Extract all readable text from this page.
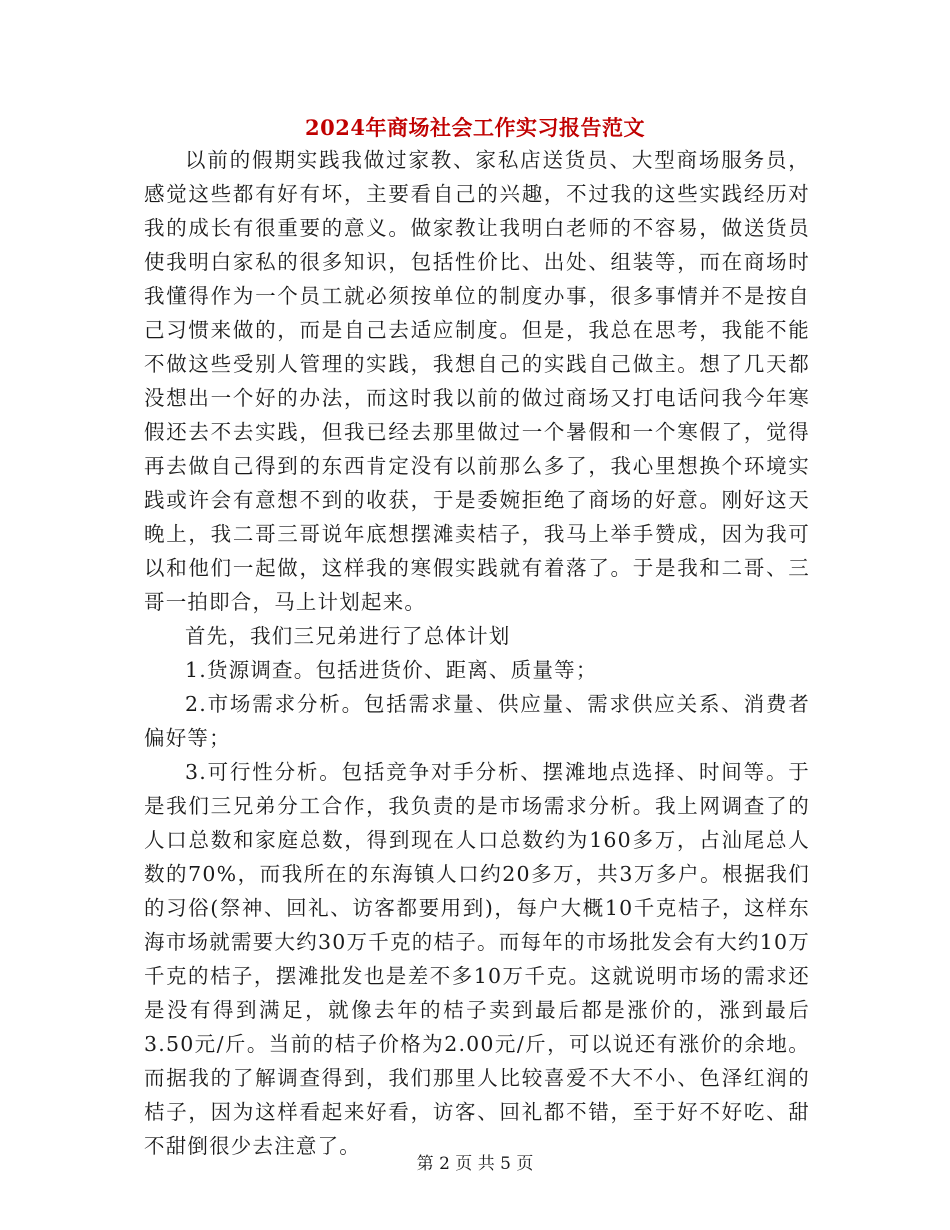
2024年商场社会工作实习报告范文

以前的假期实践我做过家教、家私店送货员、大型商场服务员，感觉这些都有好有坏，主要看自己的兴趣，不过我的这些实践经历对我的成长有很重要的意义。做家教让我明白老师的不容易，做送货员使我明白家私的很多知识，包括性价比、出处、组装等，而在商场时我懂得作为一个员工就必须按单位的制度办事，很多事情并不是按自己习惯来做的，而是自己去适应制度。但是，我总在思考，我能不能不做这些受别人管理的实践，我想自己的实践自己做主。想了几天都没想出一个好的办法，而这时我以前的做过商场又打电话问我今年寒假还去不去实践，但我已经去那里做过一个暑假和一个寒假了，觉得再去做自己得到的东西肯定没有以前那么多了，我心里想换个环境实践或许会有意想不到的收获，于是委婉拒绝了商场的好意。刚好这天晚上，我二哥三哥说年底想摆滩卖桔子，我马上举手赞成，因为我可以和他们一起做，这样我的寒假实践就有着落了。于是我和二哥、三哥一拍即合，马上计划起来。

首先，我们三兄弟进行了总体计划

1.货源调查。包括进货价、距离、质量等；

2.市场需求分析。包括需求量、供应量、需求供应关系、消费者偏好等；

3.可行性分析。包括竞争对手分析、摆滩地点选择、时间等。于是我们三兄弟分工合作，我负责的是市场需求分析。我上网调查了的人口总数和家庭总数，得到现在人口总数约为160多万，占汕尾总人数的70%，而我所在的东海镇人口约20多万，共3万多户。根据我们的习俗(祭神、回礼、访客都要用到)，每户大概10千克桔子，这样东海市场就需要大约30万千克的桔子。而每年的市场批发会有大约10万千克的桔子，摆滩批发也是差不多10万千克。这就说明市场的需求还是没有得到满足，就像去年的桔子卖到最后都是涨价的，涨到最后3.50元/斤。当前的桔子价格为2.00元/斤，可以说还有涨价的余地。而据我的了解调查得到，我们那里人比较喜爱不大不小、色泽红润的桔子，因为这样看起来好看，访客、回礼都不错，至于好不好吃、甜不甜倒很少去注意了。

第 2 页 共 5 页
